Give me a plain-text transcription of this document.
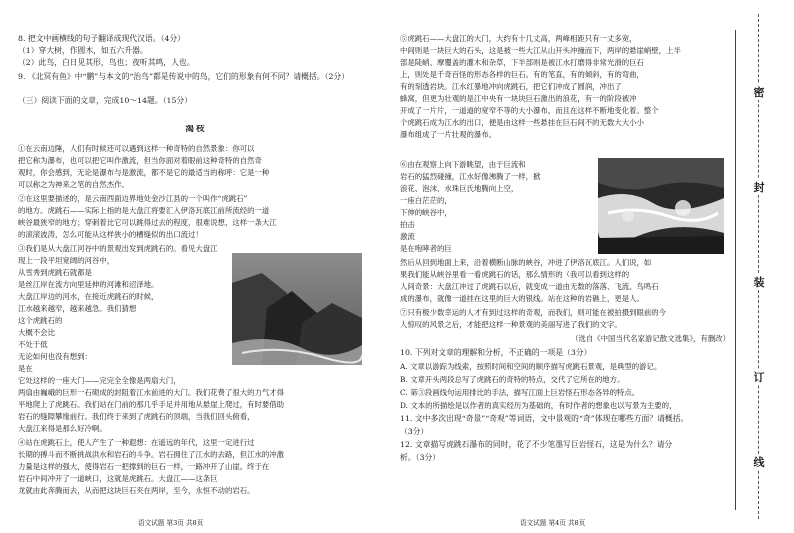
8. 把文中画横线的句子翻译成现代汉语。（4分）
（1）穿大树，作圆木，如五六升器。
（2）此鸟，白日见其形，鸟也；夜听其鸣，人也。
9. 《北冥有鱼》中“鹏”与本文的“治鸟”都是传说中的鸟，它们的形象有何不同？请概括。（2分）
（三）阅读下面的文章，完成10～14题。（15分）
渴枝
①在云南边陲，人们有时候还可以遇到这样一种奇特的自然景象：你可以
把它称为瀑布，也可以把它叫作激流，但当你面对着眼前这种奇特的自然奇
观时，你会感到，无论是瀑布与是激流，都不是它的最适当的称呼：它是一种
可以称之为神来之笔的自然杰作。
②在这里要描述的，是云南西面边界地处金沙江县的一个叫作“虎跳石”
的地方。虎跳石——实际上指的是大盘江将要汇入伊洛瓦底江前所流经的一道
峡谷最狭窄的地方；穿刺着比它可以跳得过去的程度，很难说想，这样一条大江
的滚滚波涛，怎么可能从这样狭小的槽缝似的出口流过！
③我们是从大盘江河谷中的景观出发到虎跳石的。看见大盘江
现上一段平坦宽阔的河谷中，
从雪秀到虎跳石就都是
是丝江岸在流方向里延伸的河滩和沼泽地。
大盘江岸边的河水，在接近虎跳石的时候，
江水越来越窄，越来越急。我们猜想
这个虎跳石的
大概不会比
不处于低
无论如何也没有想到：
是在
它处这样的一座大门——完完全全像是两扇大门，
两扇由巍峨的巨形一石砌成的封阻着江水前进的大门。我们花费了很大的力气才得
平地爬上了虎跳石。我们站在门前的那几乎手足并用地从悬崖上爬过，有时要借助
岩石的缝隙攀缘前行。我们终于来到了虎跳石的顶端，当我们回头俯看，
大盘江来得是那么好冷啊。
④站在虎跳石上，使人产生了一种遐想：在遥远的年代，这里一定进行过
长期的搏斗而不断挑战洪水和岩石的斗争。岩石拥住了江水的去路，但江水的冲激
力量是这样的强大，使得岩石一把撑到的巨石一样，一路冲开了山崖。终于在
岩石中间冲开了一道峡口，这就是虎跳石。大盘江——这条巨
龙就由此奔腾而去，从而把这块巨石夹在两岸，至今，永恒不动的岩石。
语文试题 第3页 共8页
⑤虎跳石——大盘江的大门，大约有十几丈高，两峰相距只有一丈多宽，
中间则是一块巨大的石头，这是被一些大江从山开头冲撞而下，两岸的悬崖峭壁，上半
部是陡峭、摩覆盖的灌木和杂草，下半部则是被江水打磨得非常光滑的巨石
上，则处是千奇百怪的形态各样的巨石。有的笔直，有的倾斜，有的弯曲，
有的刻透岩块。江水红暴地冲向虎跳石，把它们冲成了圆润，冲出了
蜂窝，但更为壮观的是江中央有一块块巨石激出的浪花，有一的阶段被冲
开成了一片片，一道道的宽窄不等的大小瀑布，而且在这样不断地变化着。整个
个虎跳石成为江水的出口，便是由这样一些悬挂在巨石间不的无数大大小小
瀑布组成了一片壮观的瀑布。
⑥由在观察上向下游眺望，由于巨流和
岩石的猛烈碰撞，江水好像沸腾了一样，掀
浪花、泡沫、水珠巨氏地腾向上空，
一座白茫茫的，
下伸的峡谷中，
拍击
激流
是在咆哮者的巨
然后从回到地面上来，沿着横断山脉的峡谷，冲进了伊洛瓦底江。人们说，如
果我们能从峡谷里看一看虎跳石的话，那么情形的（我可以看到这样的
人间奇景：大盘江冲过了虎跳石以后，就变成一道由无数的落落、飞流、鸟鸣石
成的瀑布，就像一道挂在这里的巨大的银线。站在这种的岩礁上，更是人。
⑦只有极少数幸运的人才有到过这样的奇观，而我们，则可能在被拍摄到眼前的今
人惊叹的风景之后，才能把这样一种景观的美丽写进了我们的文字。
（选自《中国当代名家游记散文选集》，有删改）
10. 下列对文章的理解和分析，不正确的一项是（3分）
A. 文章以游踪为线索，按照时间和空间的顺序描写虎跳石景观，是典型的游记。
B. 文章开头两段总写了虎跳石的奇特的特点，交代了它所在的地方。
C. 第③段画线句运用排比的手法，描写江面上巨岩怪石形态各异的特点。
D. 文本的所描绘是以作者的真实经历为基础的，有时作者的想象也以写景为主要的，
11. 文中多次出现“奇景”“奇观”等词语，文中景观的“奇”体现在哪些方面？请概括。
（3分）
12. 文章描写虎跳石瀑布的同时，花了不少笔墨写巨岩怪石，这是为什么？请分
析。（3分）
语文试题 第4页 共8页
密
封
装
订
线
